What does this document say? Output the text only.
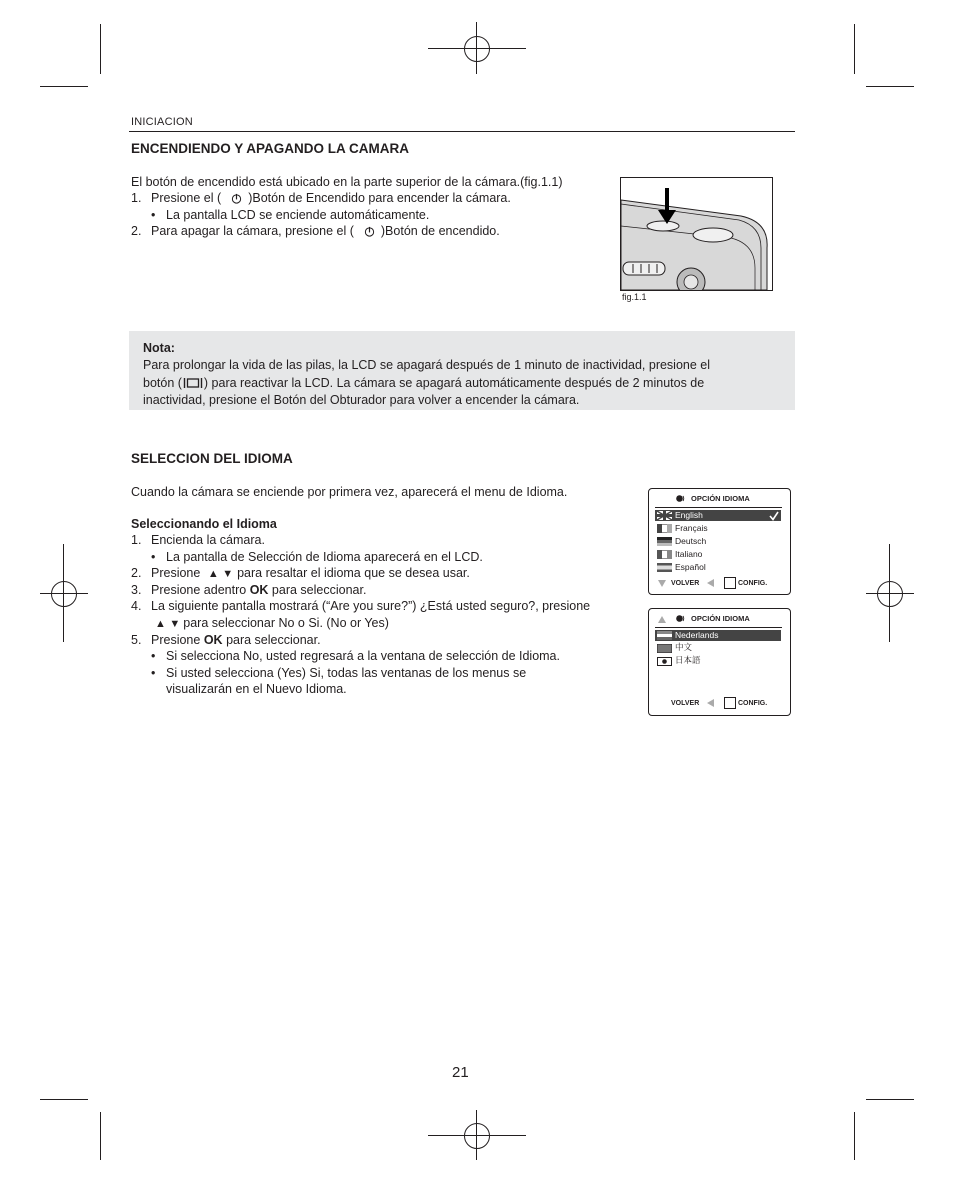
INICIACION
ENCENDIENDO Y APAGANDO LA CAMARA
El botón de encendido está ubicado en la parte superior de la cámara.(fig.1.1)
1. Presione el ( )Botón de Encendido para encender la cámara.
• La pantalla LCD se enciende automáticamente.
2. Para apagar la cámara, presione el ( )Botón de encendido.
fig.1.1
Nota:
Para prolongar la vida de las pilas, la LCD se apagará después de 1 minuto de inactividad, presione el
botón ( ) para reactivar la LCD. La cámara se apagará automáticamente después de 2 minutos de
inactividad, presione el Botón del Obturador para volver a encender la cámara.
SELECCION DEL IDIOMA
Cuando la cámara se enciende por primera vez, aparecerá el menu de Idioma.
Seleccionando el Idioma
1. Encienda la cámara.
• La pantalla de Selección de Idioma aparecerá en el LCD.
2. Presione ▲ ▼ para resaltar el idioma que se desea usar.
3. Presione adentro OK para seleccionar.
4. La siguiente pantalla mostrará (“Are you sure?”) ¿Está usted seguro?, presione
▲ ▼ para seleccionar No o Si. (No or Yes)
5. Presione OK para seleccionar.
• Si selecciona No, usted regresará a la ventana de selección de Idioma.
• Si usted selecciona (Yes) Si, todas las ventanas de los menus se
visualizarán en el Nuevo Idioma.
OPCIÓN IDIOMA
English
Français
Deutsch
Italiano
Español
VOLVER	CONFIG.
OPCIÓN IDIOMA
Nederlands
中文
日本語
VOLVER	CONFIG.
21
